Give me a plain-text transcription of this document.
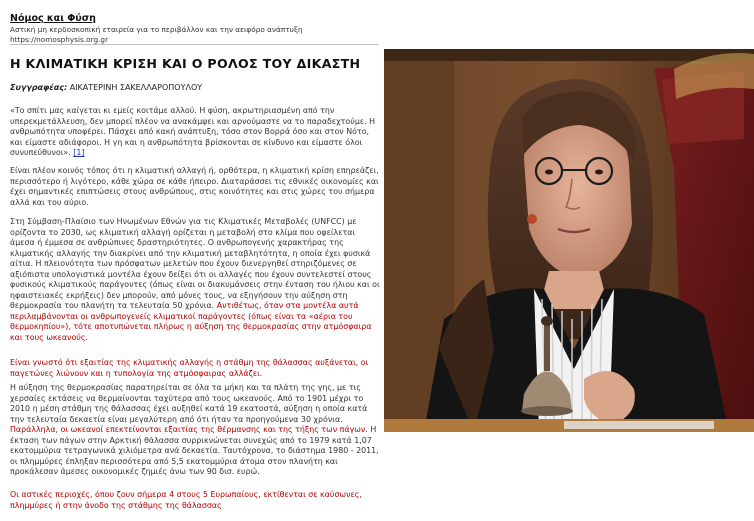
Νόμος και Φύση
Αστική μη κερδοσκοπική εταιρεία για το περιβάλλον και την αειφόρο ανάπτυξη
https://nomosphysis.org.gr
Η ΚΛΙΜΑΤΙΚΗ ΚΡΙΣΗ ΚΑΙ Ο ΡΟΛΟΣ ΤΟΥ ΔΙΚΑΣΤΗ
Συγγραφέας: ΑΙΚΑΤΕΡΙΝΗ ΣΑΚΕΛΛΑΡΟΠΟΥΛΟΥ
«Το σπίτι μας καίγεται κι εμείς κοιτάμε αλλού. Η φύση, ακρωτηριασμένη από την υπερεκμετάλλευση, δεν μπορεί πλέον να ανακάμψει και αρνούμαστε να το παραδεχτούμε. Η ανθρωπότητα υποφέρει. Πάσχει από κακή ανάπτυξη, τόσο στον Βορρά όσο και στον Νότο, και είμαστε αδιάφοροι. Η γη και η ανθρωπότητα βρίσκονται σε κίνδυνο και είμαστε όλοι συνυπεύθυνοι». [1]
Είναι πλέον κοινός τόπος ότι η κλιματική αλλαγή ή, ορθότερα, η κλιματική κρίση επηρεάζει, περισσότερο ή λιγότερο, κάθε χώρα σε κάθε ήπειρο. Διαταράσσει τις εθνικές οικονομίες και έχει σημαντικές επιπτώσεις στους ανθρώπους, στις κοινότητες και στις χώρες του σήμερα αλλά και του αύριο.
Στη Σύμβαση-Πλαίσιο των Ηνωμένων Εθνών για τις Κλιματικές Μεταβολές (UNFCC) με ορίζοντα το 2030, ως κλιματική αλλαγή ορίζεται η μεταβολή στο κλίμα που οφείλεται άμεσα ή έμμεσα σε ανθρώπινες δραστηριότητες. Ο ανθρωπογενής χαρακτήρας της κλιματικής αλλαγής την διακρίνει από την κλιματική μεταβλητότητα, η οποία έχει φυσικά αίτια. Η πλειονότητα των πρόσφατων μελετών που έχουν διενεργηθεί στηριζόμενες σε αξιόπιστα υπολογιστικά μοντέλα έχουν δείξει ότι οι αλλαγές που έχουν συντελεστεί στους φυσικούς κλιματικούς παράγοντες (όπως είναι οι διακυμάνσεις στην ένταση του ήλιου και οι ηφαιστειακές εκρήξεις) δεν μπορούν, από μόνες τους, να εξηγήσουν την αύξηση στη θερμοκρασία του πλανήτη τα τελευταία 50 χρόνια. Αντιθέτως, όταν στα μοντέλα αυτά περιλαμβάνονται οι ανθρωπογενείς κλιματικοί παράγοντες (όπως είναι τα «αέρια του θερμοκηπίου»), τότε αποτυπώνεται πλήρως η αύξηση της θερμοκρασίας στην ατμόσφαιρα και τους ωκεανούς.
Είναι γνωστό ότι εξαιτίας της κλιματικής αλλαγής η στάθμη της θάλασσας αυξάνεται, οι παγετώνες λιώνουν και η τυπολογία της ατμόσφαιρας αλλάζει.
Η αύξηση της θερμοκρασίας παρατηρείται σε όλα τα μήκη και τα πλάτη της γης, με τις χερσαίες εκτάσεις να θερμαίνονται ταχύτερα από τους ωκεανούς. Από το 1901 μέχρι το 2010 η μέση στάθμη της θάλασσας έχει αυξηθεί κατά 19 εκατοστά, αύξηση η οποία κατά την τελευταία δεκαετία είναι μεγαλύτερη από ότι ήταν τα προηγούμενα 30 χρόνια. Παράλληλα, οι ωκεανοί επεκτείνονται εξαιτίας της θέρμανσης και της τήξης των πάγων. Η έκταση των πάγων στην Αρκτική θάλασσα συρρικνώνεται συνεχώς από το 1979 κατά 1,07 εκατομμύρια τετραγωνικά χιλιόμετρα ανά δεκαετία. Ταυτόχρονα, το διάστημα 1980 - 2011, οι πλημμύρες έπληξαν περισσότερα από 5,5 εκατομμύρια άτομα στον πλανήτη και προκάλεσαν άμεσες οικονομικές ζημιές άνω των 90 δισ. ευρώ.
Οι αστικές περιοχές, όπου ζουν σήμερα 4 στους 5 Ευρωπαίους, εκτίθενται σε καύσωνες, πλημμύρες ή στην άνοδο της στάθμης της θάλασσας
